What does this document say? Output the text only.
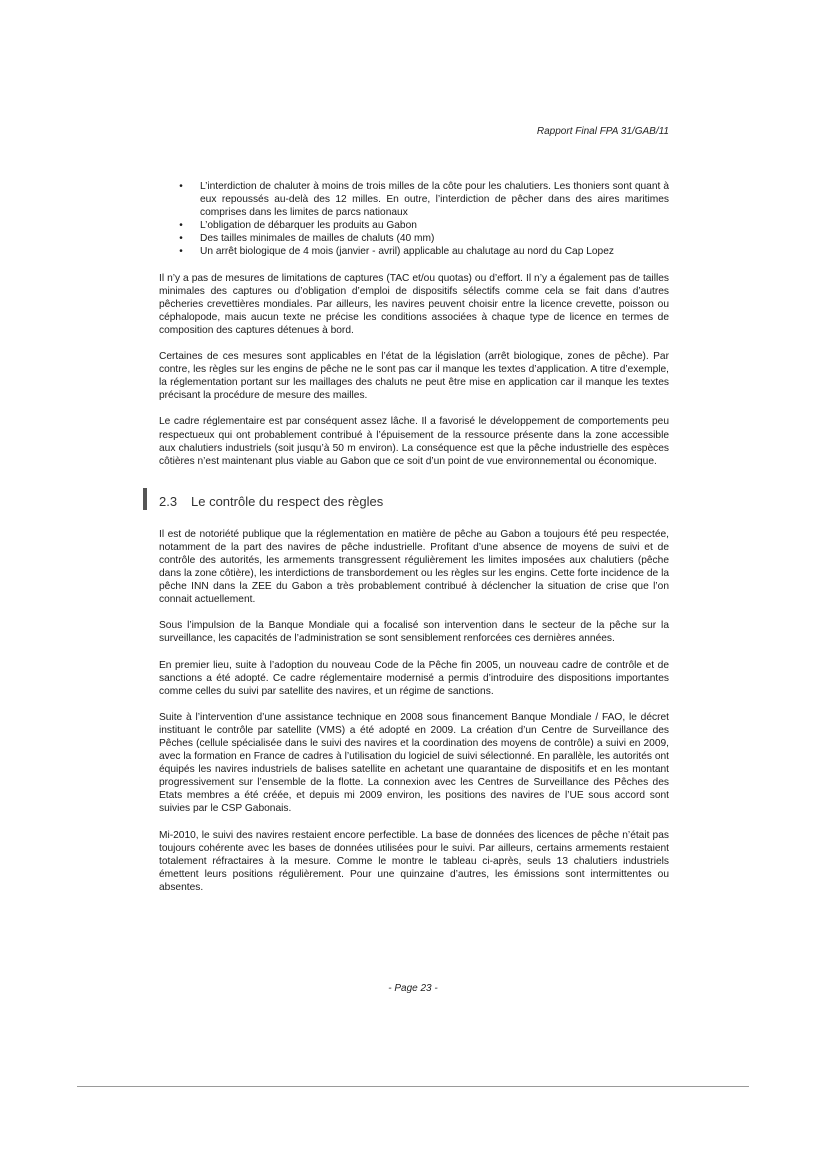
Rapport Final FPA 31/GAB/11
• L’interdiction de chaluter à moins de trois milles de la côte pour les chalutiers. Les thoniers sont quant à eux repoussés au-delà des 12 milles. En outre, l’interdiction de pêcher dans des aires maritimes comprises dans les limites de parcs nationaux
• L’obligation de débarquer les produits au Gabon
• Des tailles minimales de mailles de chaluts (40 mm)
• Un arrêt biologique de 4 mois (janvier - avril) applicable au chalutage au nord du Cap Lopez

Il n’y a pas de mesures de limitations de captures (TAC et/ou quotas) ou d’effort. Il n’y a également pas de tailles minimales des captures ou d’obligation d’emploi de dispositifs sélectifs comme cela se fait dans d’autres pêcheries crevettières mondiales. Par ailleurs, les navires peuvent choisir entre la licence crevette, poisson ou céphalopode, mais aucun texte ne précise les conditions associées à chaque type de licence en termes de composition des captures détenues à bord.

Certaines de ces mesures sont applicables en l’état de la législation (arrêt biologique, zones de pêche). Par contre, les règles sur les engins de pêche ne le sont pas car il manque les textes d’application. A titre d’exemple, la réglementation portant sur les maillages des chaluts ne peut être mise en application car il manque les textes précisant la procédure de mesure des mailles.

Le cadre réglementaire est par conséquent assez lâche. Il a favorisé le développement de comportements peu respectueux qui ont probablement contribué à l’épuisement de la ressource présente dans la zone accessible aux chalutiers industriels (soit jusqu’à 50 m environ). La conséquence est que la pêche industrielle des espèces côtières n’est maintenant plus viable au Gabon que ce soit d’un point de vue environnemental ou économique.

2.3 Le contrôle du respect des règles

Il est de notoriété publique que la réglementation en matière de pêche au Gabon a toujours été peu respectée, notamment de la part des navires de pêche industrielle. Profitant d’une absence de moyens de suivi et de contrôle des autorités, les armements transgressent régulièrement les limites imposées aux chalutiers (pêche dans la zone côtière), les interdictions de transbordement ou les règles sur les engins. Cette forte incidence de la pêche INN dans la ZEE du Gabon a très probablement contribué à déclencher la situation de crise que l’on connait actuellement.

Sous l’impulsion de la Banque Mondiale qui a focalisé son intervention dans le secteur de la pêche sur la surveillance, les capacités de l’administration se sont sensiblement renforcées ces dernières années.

En premier lieu, suite à l’adoption du nouveau Code de la Pêche fin 2005, un nouveau cadre de contrôle et de sanctions a été adopté. Ce cadre réglementaire modernisé a permis d’introduire des dispositions importantes comme celles du suivi par satellite des navires, et un régime de sanctions.

Suite à l’intervention d’une assistance technique en 2008 sous financement Banque Mondiale / FAO, le décret instituant le contrôle par satellite (VMS) a été adopté en 2009. La création d’un Centre de Surveillance des Pêches (cellule spécialisée dans le suivi des navires et la coordination des moyens de contrôle) a suivi en 2009, avec la formation en France de cadres à l’utilisation du logiciel de suivi sélectionné. En parallèle, les autorités ont équipés les navires industriels de balises satellite en achetant une quarantaine de dispositifs et en les montant progressivement sur l’ensemble de la flotte. La connexion avec les Centres de Surveillance des Pêches des Etats membres a été créée, et depuis mi 2009 environ, les positions des navires de l’UE sous accord sont suivies par le CSP Gabonais.

Mi-2010, le suivi des navires restaient encore perfectible. La base de données des licences de pêche n’était pas toujours cohérente avec les bases de données utilisées pour le suivi. Par ailleurs, certains armements restaient totalement réfractaires à la mesure. Comme le montre le tableau ci-après, seuls 13 chalutiers industriels émettent leurs positions régulièrement. Pour une quinzaine d’autres, les émissions sont intermittentes ou absentes.

- Page 23 -
